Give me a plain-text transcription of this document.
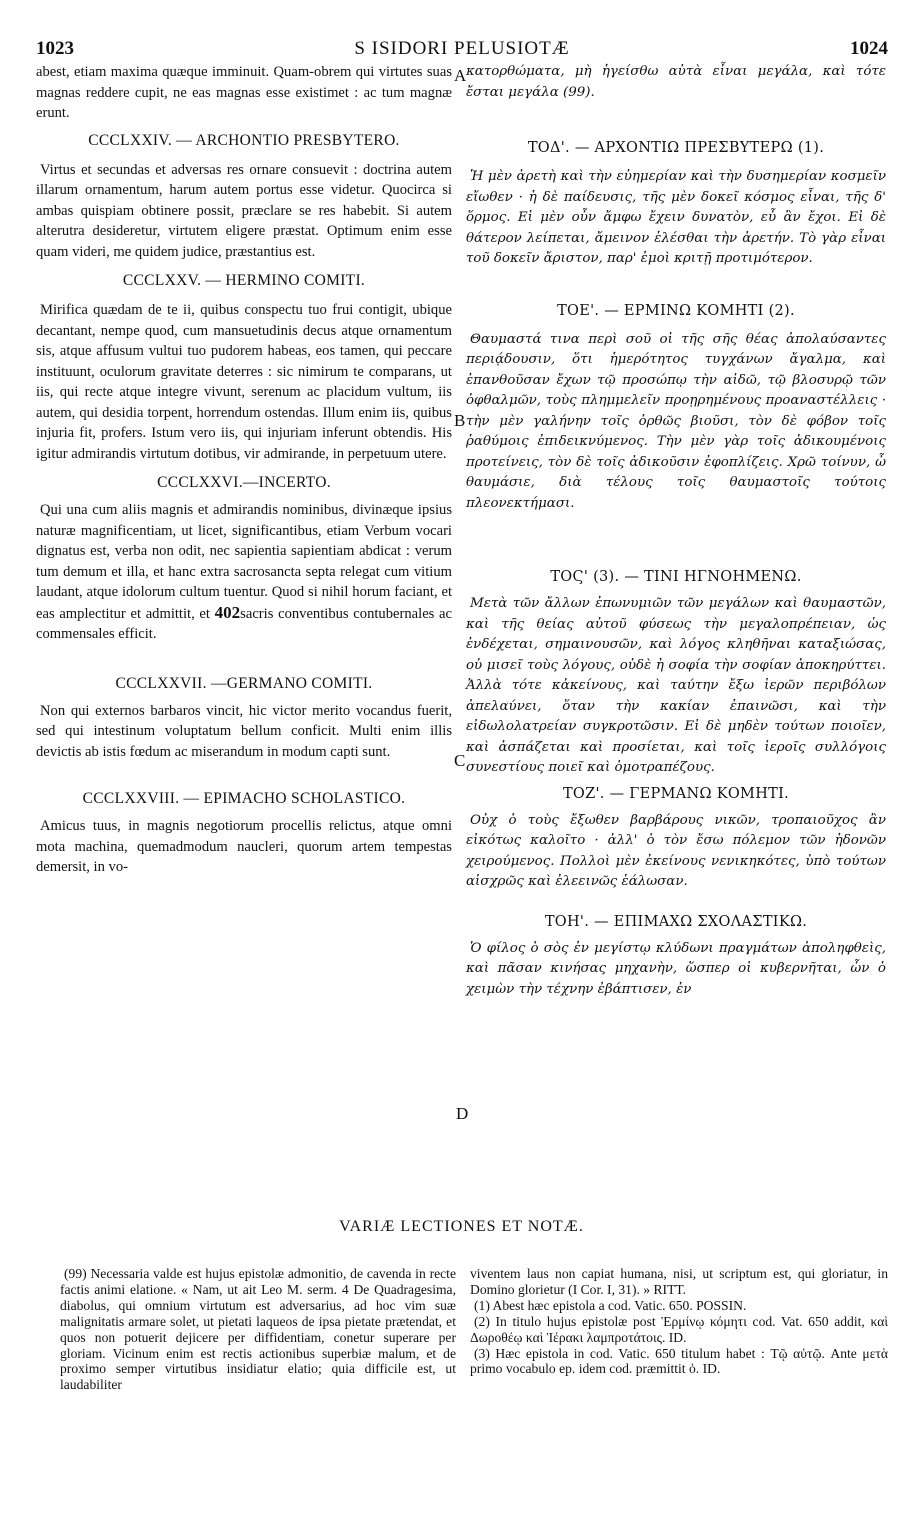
1023	S ISIDORI PELUSIOTÆ	1024
A
B
C
D

abest, etiam maxima quæque imminuit. Quam-obrem qui virtutes suas magnas reddere cupit, ne eas magnas esse existimet : ac tum magnæ erunt.

CCCLXXIV. — ARCHONTIO PRESBYTERO.

Virtus et secundas et adversas res ornare consuevit : doctrina autem illarum ornamentum, harum autem portus esse videtur. Quocirca si ambas quispiam obtinere possit, præclare se res habebit. Si autem alterutra desideretur, virtutem eligere præstat. Optimum enim esse quam videri, me quidem judice, præstantius est.

CCCLXXV. — HERMINO COMITI.

Mirifica quædam de te ii, quibus conspectu tuo frui contigit, ubique decantant, nempe quod, cum mansuetudinis decus atque ornamentum sis, atque affusum vultui tuo pudorem habeas, eos tamen, qui peccare instituunt, oculorum gravitate deterres : sic nimirum te comparans, ut iis, qui recte atque integre vivunt, serenum ac placidum vultum, iis autem, qui desidia torpent, horrendum ostendas. Illum enim iis, quibus injuria fit, profers. Istum vero iis, qui injuriam inferunt obtendis. His igitur admirandis virtutum dotibus, vir admirande, in perpetuum utere.

CCCLXXVI.—INCERTO.

Qui una cum aliis magnis et admirandis nominibus, divinæque ipsius naturæ magnificentiam, ut licet, significantibus, etiam Verbum vocari dignatus est, verba non odit, nec sapientia sapientiam abdicat : verum tum demum et illa, et hanc extra sacrosancta septa relegat cum vitium laudant, atque idolorum cultum tuentur. Quod si nihil horum faciant, et eas amplectitur et admittit, et 402sacris conventibus contubernales ac commensales efficit.

CCCLXXVII. —GERMANO COMITI.

Non qui externos barbaros vincit, hic victor merito vocandus fuerit, sed qui intestinum voluptatum bellum conficit. Multi enim illis devictis ab istis fœdum ac miserandum in modum capti sunt.

CCCLXXVIII. — EPIMACHO SCHOLASTICO.

Amicus tuus, in magnis negotiorum procellis relictus, atque omni mota machina, quemadmodum naucleri, quorum artem tempestas demersit, in vo-

κατορθώματα, μὴ ἡγείσθω αὐτὰ εἶναι μεγάλα, καὶ τότε ἔσται μεγάλα (99).

ΤΟΔ'. — ΑΡΧΟΝΤΙΩ ΠΡΕΣΒΥΤΕΡΩ (1).

Ἡ μὲν ἀρετὴ καὶ τὴν εὐημερίαν καὶ τὴν δυσημερίαν κοσμεῖν εἴωθεν · ἡ δὲ παίδευσις, τῆς μὲν δοκεῖ κόσμος εἶναι, τῆς δ' ὅρμος. Εἰ μὲν οὖν ἄμφω ἔχειν δυνατὸν, εὖ ἂν ἔχοι. Εἰ δὲ θάτερον λείπεται, ἄμεινον ἑλέσθαι τὴν ἀρετήν. Τὸ γὰρ εἶναι τοῦ δοκεῖν ἄριστον, παρ' ἐμοὶ κριτῇ προτιμότερον.

ΤΟΕ'. — ΕΡΜΙΝΩ ΚΟΜΗΤΙ (2).

Θαυμαστά τινα περὶ σοῦ οἱ τῆς σῆς θέας ἀπολαύσαντες περιᾴδουσιν, ὅτι ἡμερότητος τυγχάνων ἄγαλμα, καὶ ἐπανθοῦσαν ἔχων τῷ προσώπῳ τὴν αἰδῶ, τῷ βλοσυρῷ τῶν ὀφθαλμῶν, τοὺς πλημμελεῖν προῃρημένους προαναστέλλεις · τὴν μὲν γαλήνην τοῖς ὀρθῶς βιοῦσι, τὸν δὲ φόβον τοῖς ῥαθύμοις ἐπιδεικνύμενος. Τὴν μὲν γὰρ τοῖς ἀδικουμένοις προτείνεις, τὸν δὲ τοῖς ἀδικοῦσιν ἐφοπλίζεις. Χρῶ τοίνυν, ὦ θαυμάσιε, διὰ τέλους τοῖς θαυμαστοῖς τούτοις πλεονεκτήμασι.

ΤΟϚ' (3). — ΤΙΝΙ ΗΓΝΟΗΜΕΝΩ.

Μετὰ τῶν ἄλλων ἐπωνυμιῶν τῶν μεγάλων καὶ θαυμαστῶν, καὶ τῆς θείας αὐτοῦ φύσεως τὴν μεγαλοπρέπειαν, ὡς ἐνδέχεται, σημαινουσῶν, καὶ λόγος κληθῆναι καταξιώσας, οὐ μισεῖ τοὺς λόγους, οὐδὲ ἡ σοφία τὴν σοφίαν ἀποκηρύττει. Ἀλλὰ τότε κἀκείνους, καὶ ταύτην ἔξω ἱερῶν περιβόλων ἀπελαύνει, ὅταν τὴν κακίαν ἐπαινῶσι, καὶ τὴν εἰδωλολατρείαν συγκροτῶσιν. Εἰ δὲ μηδὲν τούτων ποιοῖεν, καὶ ἀσπάζεται καὶ προσίεται, καὶ τοῖς ἱεροῖς συλλόγοις συνεστίους ποιεῖ καὶ ὁμοτραπέζους.

ΤΟΖ'. — ΓΕΡΜΑΝΩ ΚΟΜΗΤΙ.

Οὐχ ὁ τοὺς ἔξωθεν βαρβάρους νικῶν, τροπαιοῦχος ἂν εἰκότως καλοῖτο · ἀλλ' ὁ τὸν ἔσω πόλεμον τῶν ἡδονῶν χειρούμενος. Πολλοὶ μὲν ἐκείνους νενικηκότες, ὑπὸ τούτων αἰσχρῶς καὶ ἐλεεινῶς ἑάλωσαν.

ΤΟΗ'. — ΕΠΙΜΑΧΩ ΣΧΟΛΑΣΤΙΚΩ.

Ὁ φίλος ὁ σὸς ἐν μεγίστῳ κλύδωνι πραγμάτων ἀποληφθεὶς, καὶ πᾶσαν κινήσας μηχανὴν, ὥσπερ οἱ κυβερνῆται, ὧν ὁ χειμὼν τὴν τέχνην ἐβάπτισεν, ἐν

VARIÆ LECTIONES ET NOTÆ.

(99) Necessaria valde est hujus epistolæ admonitio, de cavenda in recte factis animi elatione. « Nam, ut ait Leo M. serm. 4 De Quadragesima, diabolus, qui omnium virtutum est adversarius, ad hoc vim suæ malignitatis armare solet, ut pietati laqueos de ipsa pietate prætendat, et quos non potuerit dejicere per diffidentiam, conetur superare per gloriam. Vicinum enim est rectis actionibus superbiæ malum, et de proximo semper virtutibus insidiatur elatio; quia difficile est, ut laudabiliter

viventem laus non capiat humana, nisi, ut scriptum est, qui gloriatur, in Domino glorietur (I Cor. I, 31). » RITT.

(1) Abest hæc epistola a cod. Vatic. 650. POSSIN.

(2) In titulo hujus epistolæ post Ἑρμίνῳ κόμητι cod. Vat. 650 addit, καὶ Δωροθέῳ καὶ Ἱέρακι λαμπροτάτοις. ID.

(3) Hæc epistola in cod. Vatic. 650 titulum habet : Τῷ αὐτῷ. Ante μετὰ primo vocabulo ep. idem cod. præmittit ὁ. ID.
